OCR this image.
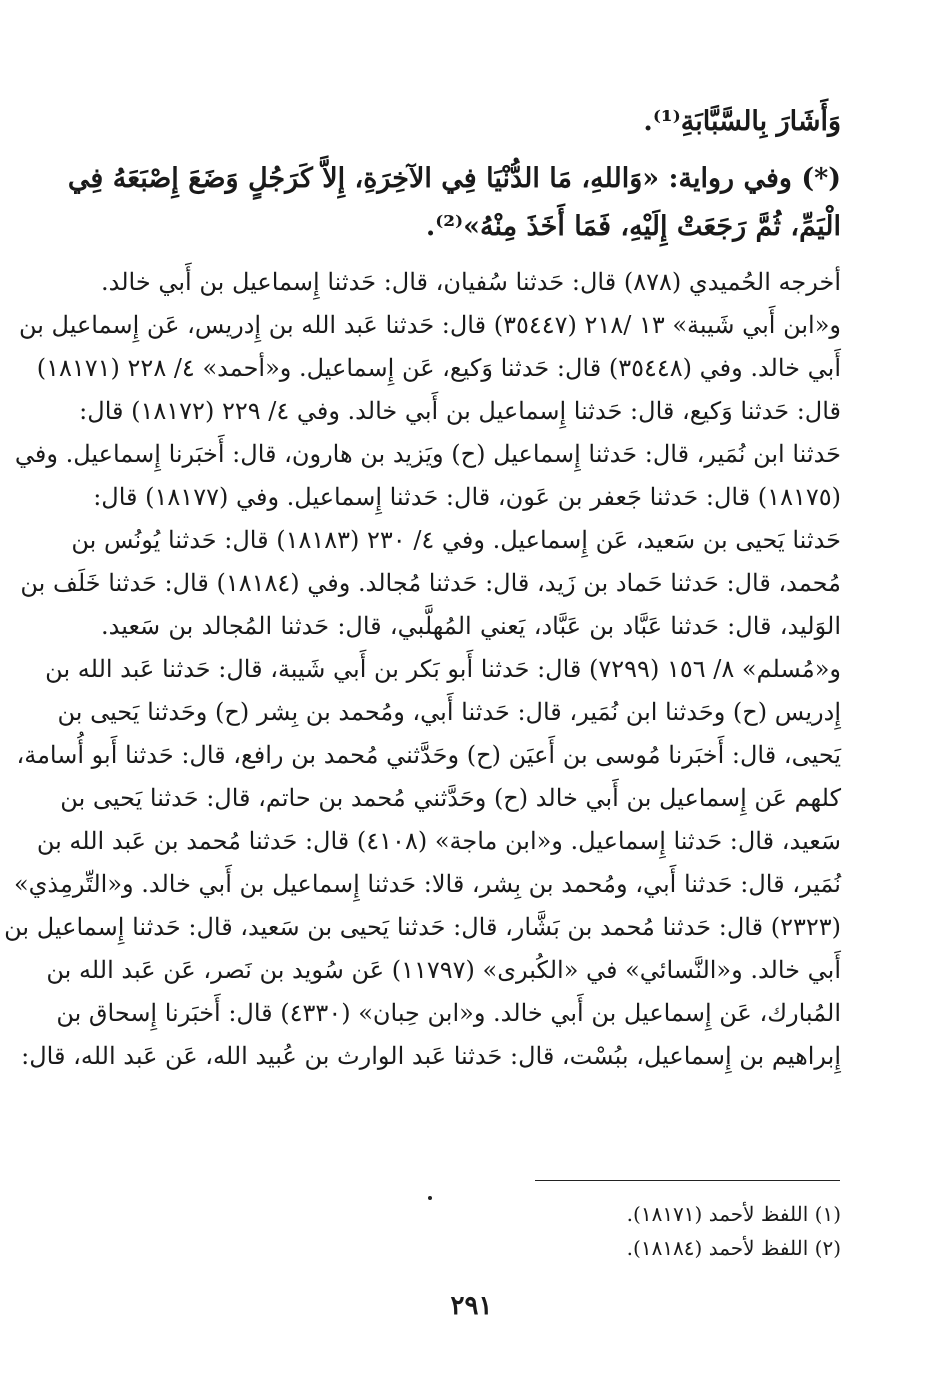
وَأَشَارَ بِالسَّبَّابَةِ⁽¹⁾.
(*) وفي رواية: «وَاللهِ، مَا الدُّنْيَا فِي الآخِرَةِ، إِلاَّ كَرَجُلٍ وَضَعَ إِصْبَعَهُ فِي
الْيَمِّ، ثُمَّ رَجَعَتْ إِلَيْهِ، فَمَا أَخَذَ مِنْهُ»⁽²⁾.
أخرجه الحُميدي (٨٧٨) قال: حَدثنا سُفيان، قال: حَدثنا إِسماعيل بن أَبي خالد.
و«ابن أَبي شَيبة» ١٣ /٢١٨ (٣٥٤٤٧) قال: حَدثنا عَبد الله بن إِدريس، عَن إِسماعيل بن
أَبي خالد. وفي (٣٥٤٤٨) قال: حَدثنا وَكيع، عَن إِسماعيل. و«أحمد» ٤/ ٢٢٨ (١٨١٧١)
قال: حَدثنا وَكيع، قال: حَدثنا إِسماعيل بن أَبي خالد. وفي ٤/ ٢٢٩ (١٨١٧٢) قال:
حَدثنا ابن نُمَير، قال: حَدثنا إِسماعيل (ح) ويَزيد بن هارون، قال: أَخبَرنا إِسماعيل. وفي
(١٨١٧٥) قال: حَدثنا جَعفر بن عَون، قال: حَدثنا إِسماعيل. وفي (١٨١٧٧) قال:
حَدثنا يَحيى بن سَعيد، عَن إِسماعيل. وفي ٤/ ٢٣٠ (١٨١٨٣) قال: حَدثنا يُونُس بن
مُحمد، قال: حَدثنا حَماد بن زَيد، قال: حَدثنا مُجالد. وفي (١٨١٨٤) قال: حَدثنا خَلَف بن
الوَليد، قال: حَدثنا عَبَّاد بن عَبَّاد، يَعني المُهلَّبي، قال: حَدثنا المُجالد بن سَعيد.
و«مُسلم» ٨/ ١٥٦ (٧٢٩٩) قال: حَدثنا أَبو بَكر بن أَبي شَيبة، قال: حَدثنا عَبد الله بن
إِدريس (ح) وحَدثنا ابن نُمَير، قال: حَدثنا أَبي، ومُحمد بن بِشر (ح) وحَدثنا يَحيى بن
يَحيى، قال: أَخبَرنا مُوسى بن أَعيَن (ح) وحَدَّثني مُحمد بن رافع، قال: حَدثنا أَبو أُسامة،
كلهم عَن إِسماعيل بن أَبي خالد (ح) وحَدَّثني مُحمد بن حاتم، قال: حَدثنا يَحيى بن
سَعيد، قال: حَدثنا إِسماعيل. و«ابن ماجة» (٤١٠٨) قال: حَدثنا مُحمد بن عَبد الله بن
نُمَير، قال: حَدثنا أَبي، ومُحمد بن بِشر، قالا: حَدثنا إِسماعيل بن أَبي خالد. و«التِّرمِذي»
(٢٣٢٣) قال: حَدثنا مُحمد بن بَشَّار، قال: حَدثنا يَحيى بن سَعيد، قال: حَدثنا إِسماعيل بن
أَبي خالد. و«النَّسائي» في «الكُبرى» (١١٧٩٧) عَن سُويد بن نَصر، عَن عَبد الله بن
المُبارك، عَن إِسماعيل بن أَبي خالد. و«ابن حِبان» (٤٣٣٠) قال: أَخبَرنا إِسحاق بن
إِبراهيم بن إِسماعيل، ببُسْت، قال: حَدثنا عَبد الوارث بن عُبيد الله، عَن عَبد الله، قال:
(١) اللفظ لأحمد (١٨١٧١).
(٢) اللفظ لأحمد (١٨١٨٤).
٢٩١
